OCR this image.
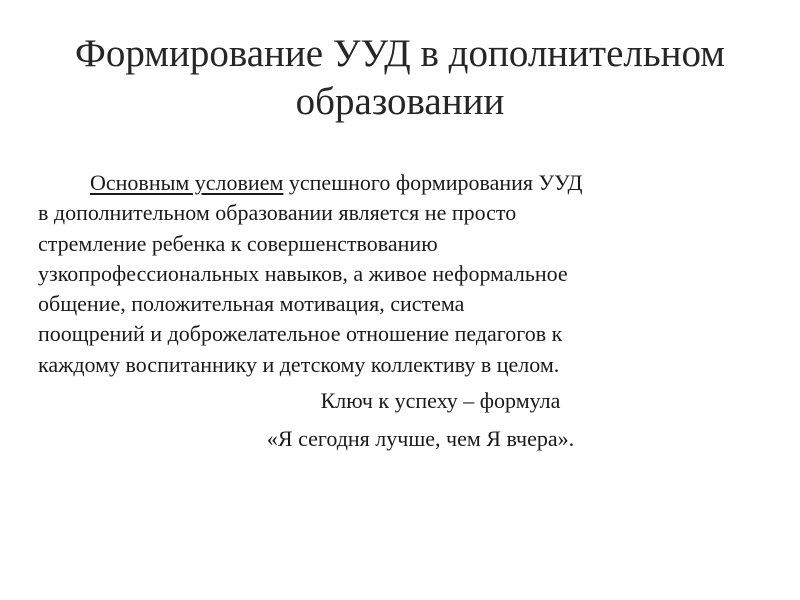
Формирование УУД в дополнительном
образовании
Основным условием успешного формирования УУД
в дополнительном образовании является не просто
стремление ребенка к совершенствованию
узкопрофессиональных навыков, а живое неформальное
общение, положительная мотивация, система
поощрений и доброжелательное отношение педагогов к
каждому воспитаннику и детскому коллективу в целом.
Ключ к успеху – формула
«Я сегодня лучше, чем Я вчера».
